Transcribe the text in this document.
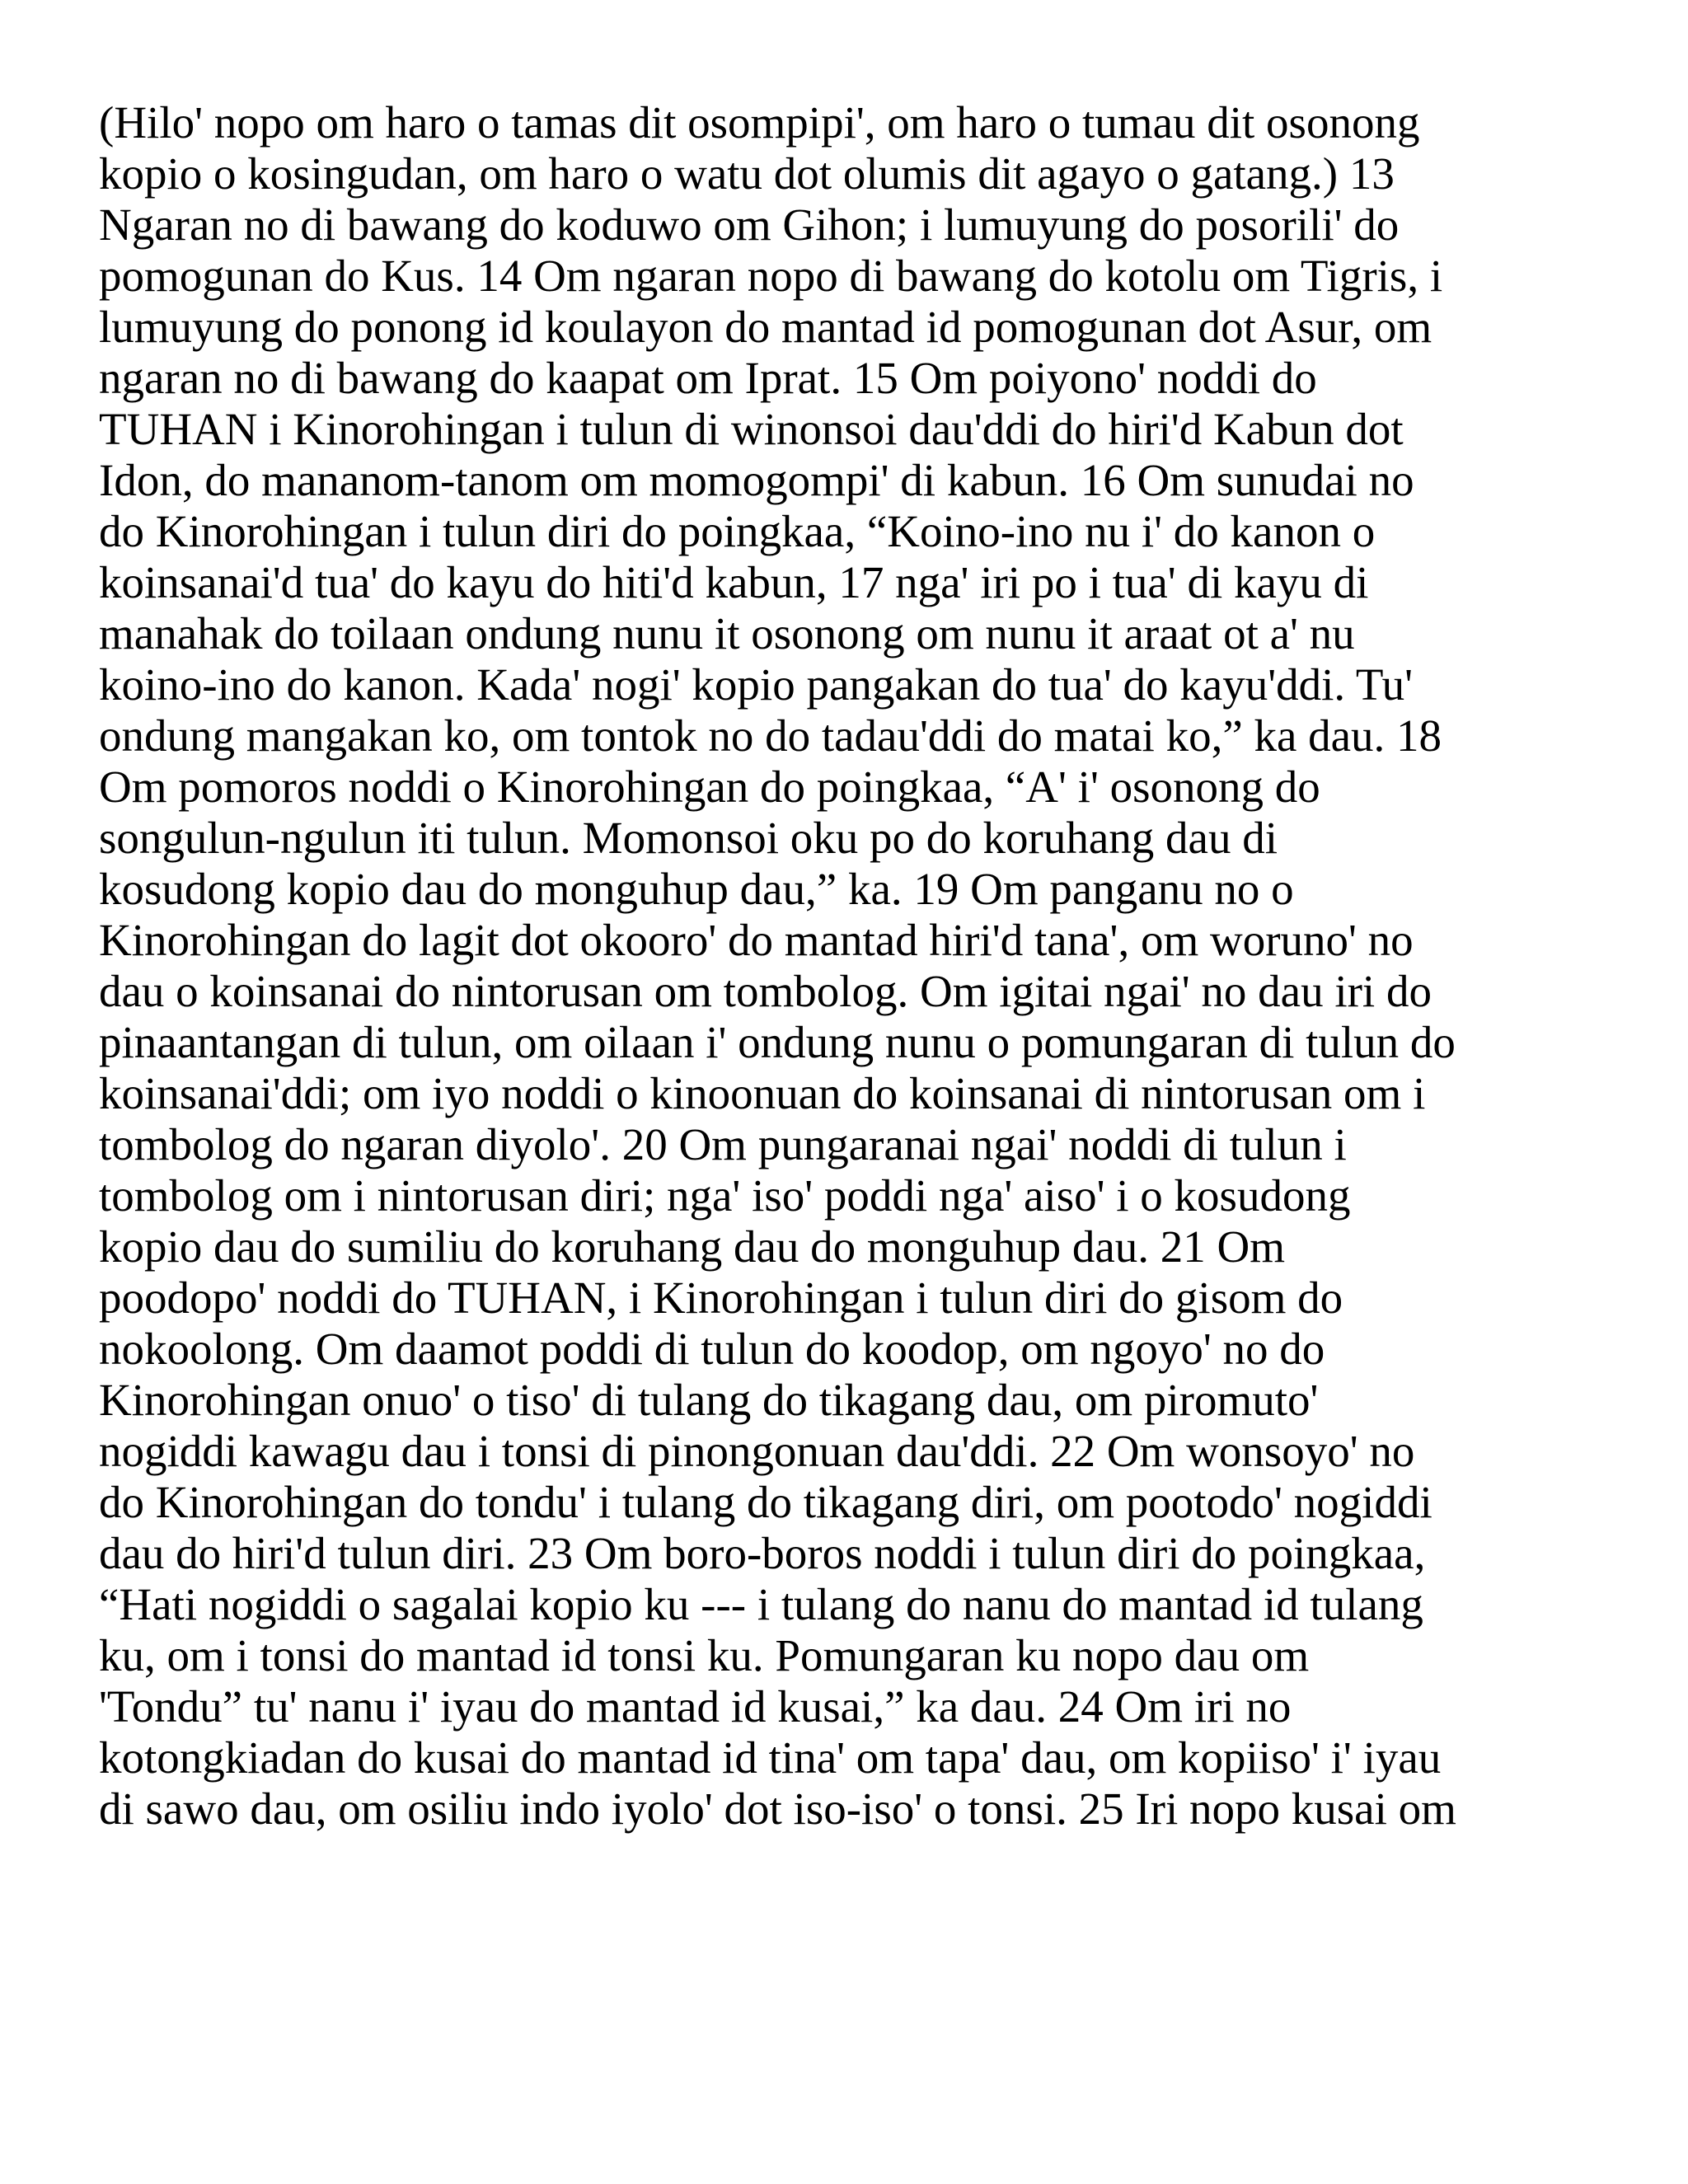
(Hilo' nopo om haro o tamas dit osompipi', om haro o tumau dit osonong
kopio o kosingudan, om haro o watu dot olumis dit agayo o gatang.) 13
Ngaran no di bawang do koduwo om Gihon; i lumuyung do posorili' do
pomogunan do Kus. 14 Om ngaran nopo di bawang do kotolu om Tigris, i
lumuyung do ponong id koulayon do mantad id pomogunan dot Asur, om
ngaran no di bawang do kaapat om Iprat. 15 Om poiyono' noddi do
TUHAN i Kinorohingan i tulun di winonsoi dau'ddi do hiri'd Kabun dot
Idon, do mananom-tanom om momogompi' di kabun. 16 Om sunudai no
do Kinorohingan i tulun diri do poingkaa, “Koino-ino nu i' do kanon o
koinsanai'd tua' do kayu do hiti'd kabun, 17 nga' iri po i tua' di kayu di
manahak do toilaan ondung nunu it osonong om nunu it araat ot a' nu
koino-ino do kanon. Kada' nogi' kopio pangakan do tua' do kayu'ddi. Tu'
ondung mangakan ko, om tontok no do tadau'ddi do matai ko,” ka dau. 18
Om pomoros noddi o Kinorohingan do poingkaa, “A' i' osonong do
songulun-ngulun iti tulun. Momonsoi oku po do koruhang dau di
kosudong kopio dau do monguhup dau,” ka. 19 Om panganu no o
Kinorohingan do lagit dot okooro' do mantad hiri'd tana', om woruno' no
dau o koinsanai do nintorusan om tombolog. Om igitai ngai' no dau iri do
pinaantangan di tulun, om oilaan i' ondung nunu o pomungaran di tulun do
koinsanai'ddi; om iyo noddi o kinoonuan do koinsanai di nintorusan om i
tombolog do ngaran diyolo'. 20 Om pungaranai ngai' noddi di tulun i
tombolog om i nintorusan diri; nga' iso' poddi nga' aiso' i o kosudong
kopio dau do sumiliu do koruhang dau do monguhup dau. 21 Om
poodopo' noddi do TUHAN, i Kinorohingan i tulun diri do gisom do
nokoolong. Om daamot poddi di tulun do koodop, om ngoyo' no do
Kinorohingan onuo' o tiso' di tulang do tikagang dau, om piromuto'
nogiddi kawagu dau i tonsi di pinongonuan dau'ddi. 22 Om wonsoyo' no
do Kinorohingan do tondu' i tulang do tikagang diri, om pootodo' nogiddi
dau do hiri'd tulun diri. 23 Om boro-boros noddi i tulun diri do poingkaa,
“Hati nogiddi o sagalai kopio ku --- i tulang do nanu do mantad id tulang
ku, om i tonsi do mantad id tonsi ku. Pomungaran ku nopo dau om
'Tondu” tu' nanu i' iyau do mantad id kusai,” ka dau. 24 Om iri no
kotongkiadan do kusai do mantad id tina' om tapa' dau, om kopiiso' i' iyau
di sawo dau, om osiliu indo iyolo' dot iso-iso' o tonsi. 25 Iri nopo kusai om
